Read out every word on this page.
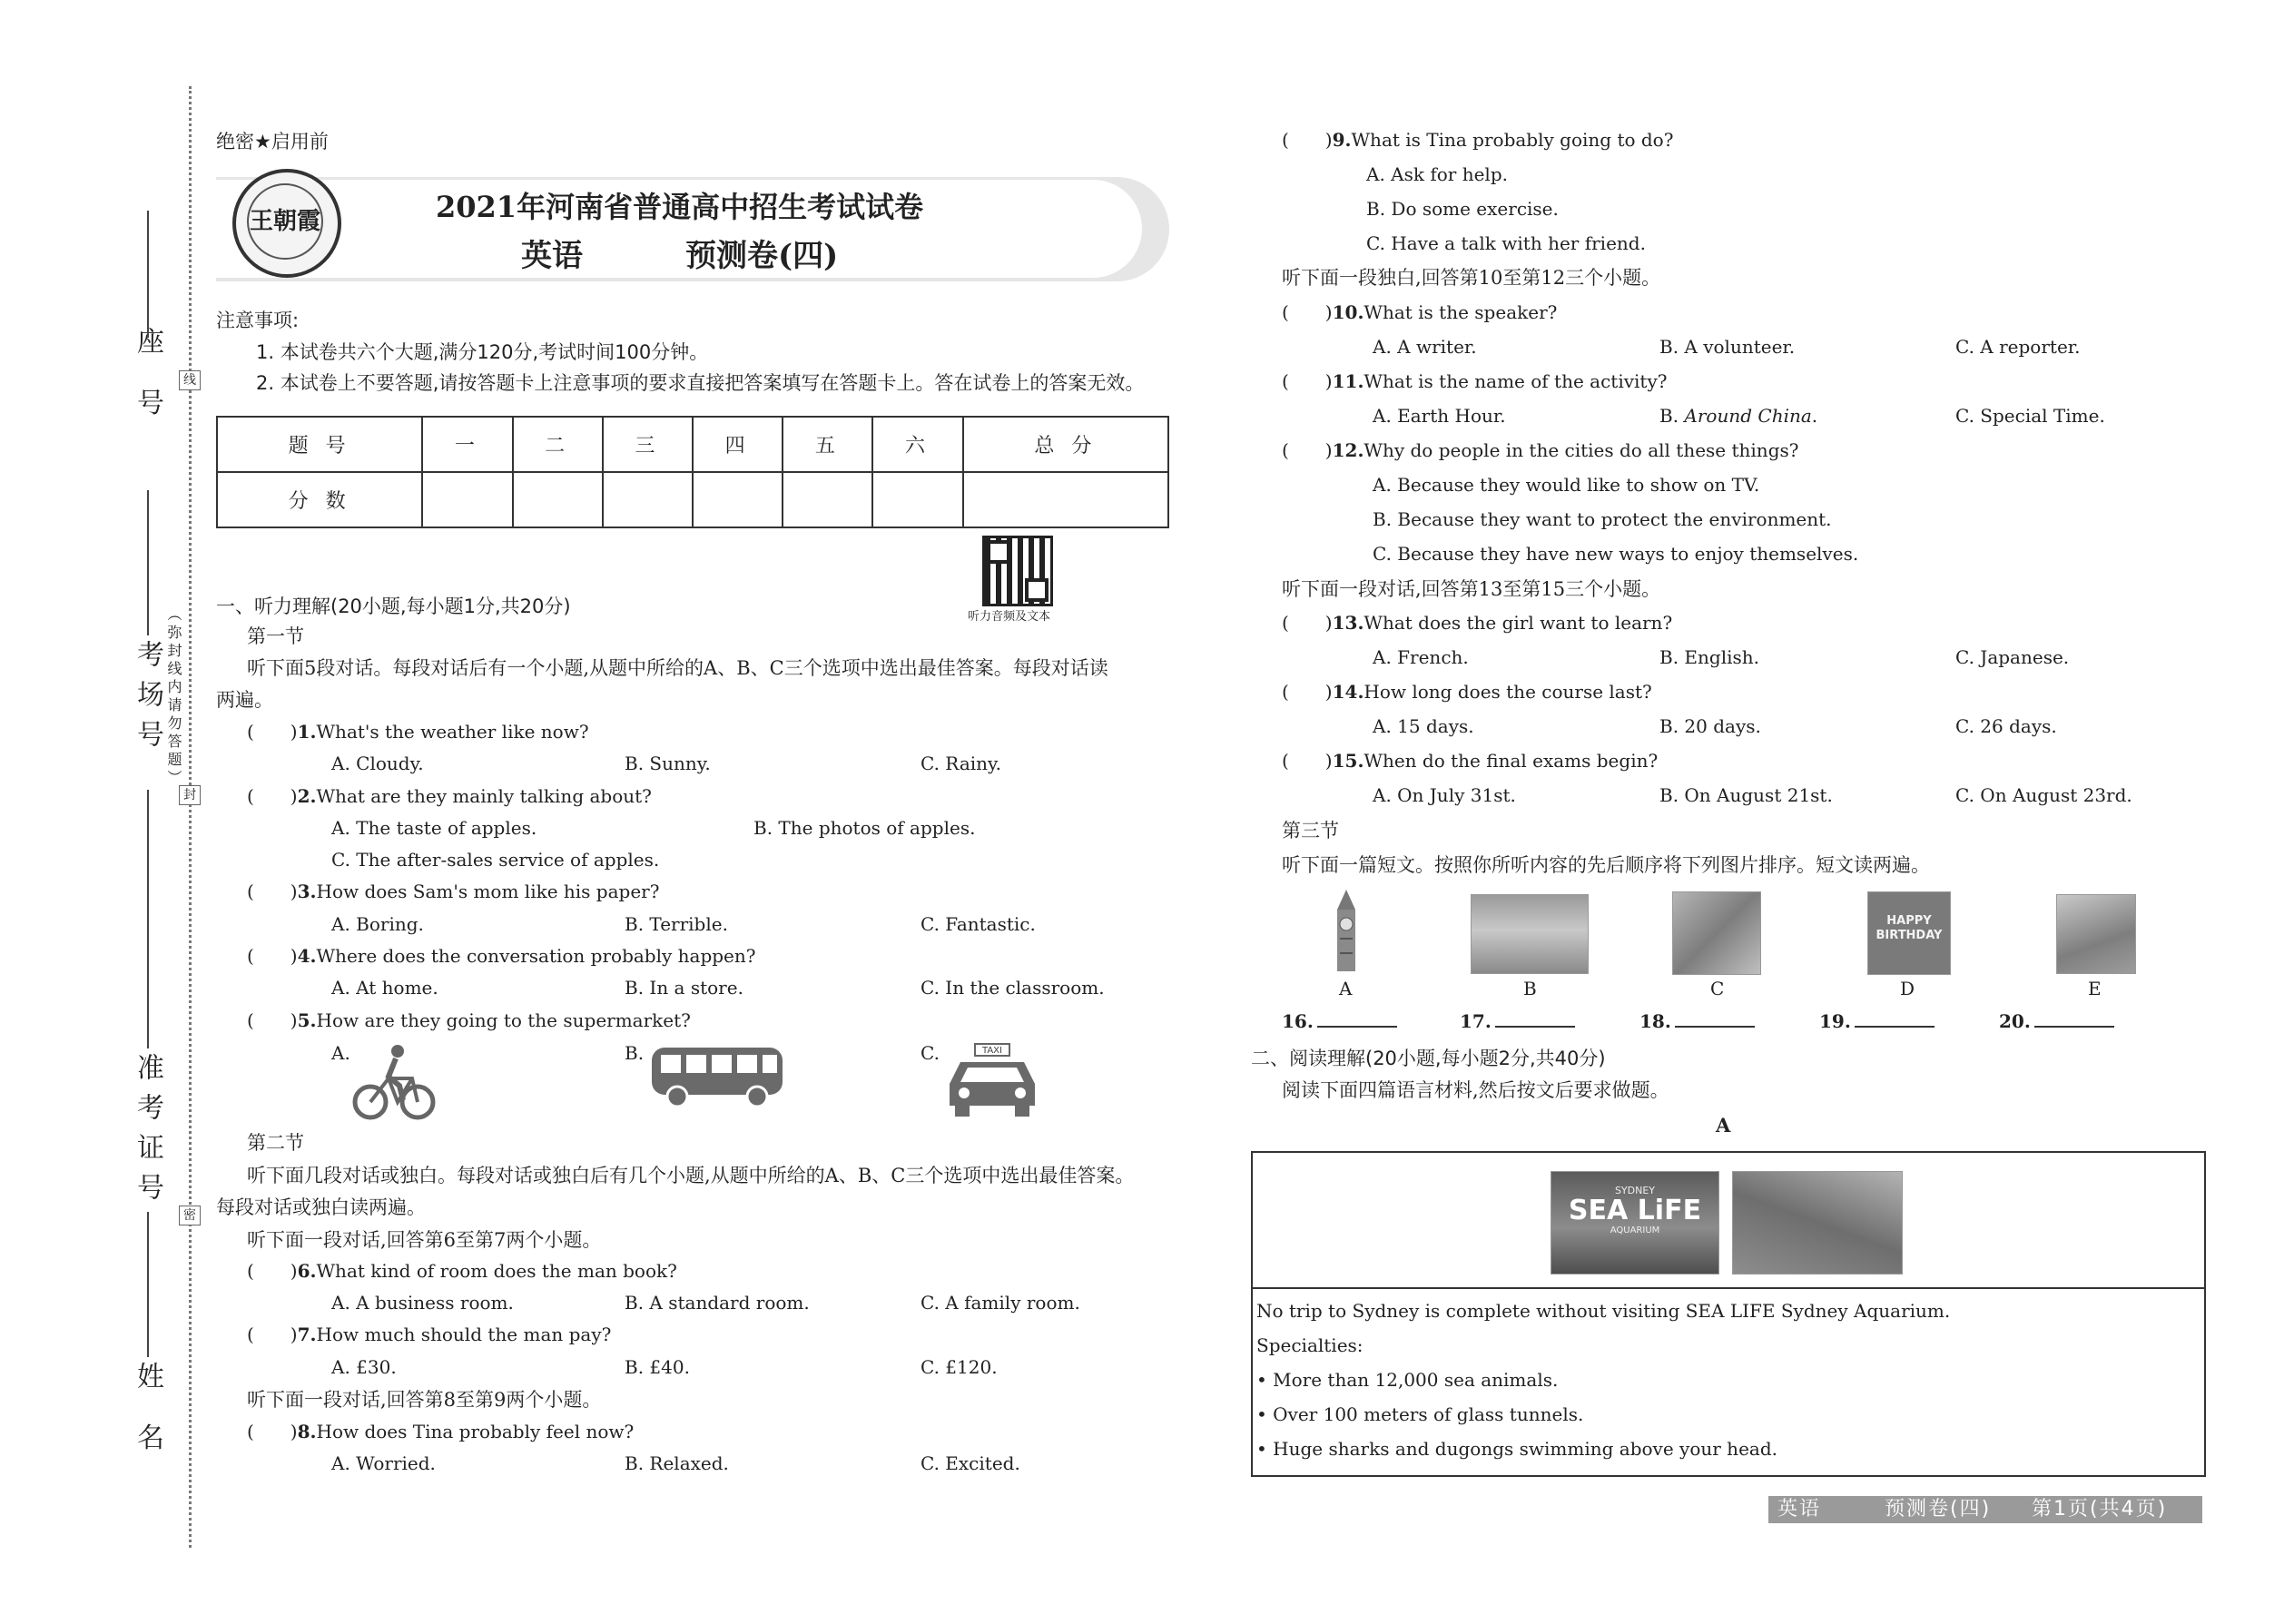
座 号
考场号
准考证号
姓 名
线
封
密
（弥封线内请勿答题）
绝密★启用前
王朝霞	2021年河南省普通高中招生考试试卷
英语	预测卷(四)
注意事项:
1. 本试卷共六个大题,满分120分,考试时间100分钟。
2. 本试卷上不要答题,请按答题卡上注意事项的要求直接把答案填写在答题卡上。答在试卷上的答案无效。
题 号	一	二	三	四	五	六	总 分
分 数							
听力音频及文本
一、听力理解(20小题,每小题1分,共20分)
第一节
听下面5段对话。每段对话后有一个小题,从题中所给的A、B、C三个选项中选出最佳答案。每段对话读
两遍。
(　　)1.What's the weather like now?
A. Cloudy.	B. Sunny.	C. Rainy.
(　　)2.What are they mainly talking about?
A. The taste of apples.	B. The photos of apples.
C. The after-sales service of apples.
(　　)3.How does Sam's mom like his paper?
A. Boring.	B. Terrible.	C. Fantastic.
(　　)4.Where does the conversation probably happen?
A. At home.	B. In a store.	C. In the classroom.
(　　)5.How are they going to the supermarket?
A.	B.	C.	TAXI
第二节
听下面几段对话或独白。每段对话或独白后有几个小题,从题中所给的A、B、C三个选项中选出最佳答案。
每段对话或独白读两遍。
听下面一段对话,回答第6至第7两个小题。
(　　)6.What kind of room does the man book?
A. A business room.	B. A standard room.	C. A family room.
(　　)7.How much should the man pay?
A. £30.	B. £40.	C. £120.
听下面一段对话,回答第8至第9两个小题。
(　　)8.How does Tina probably feel now?
A. Worried.	B. Relaxed.	C. Excited.
(　　)9.What is Tina probably going to do?
A. Ask for help.
B. Do some exercise.
C. Have a talk with her friend.
听下面一段独白,回答第10至第12三个小题。
(　　)10.What is the speaker?
A. A writer.	B. A volunteer.	C. A reporter.
(　　)11.What is the name of the activity?
A. Earth Hour.	B. Around China.	C. Special Time.
(　　)12.Why do people in the cities do all these things?
A. Because they would like to show on TV.
B. Because they want to protect the environment.
C. Because they have new ways to enjoy themselves.
听下面一段对话,回答第13至第15三个小题。
(　　)13.What does the girl want to learn?
A. French.	B. English.	C. Japanese.
(　　)14.How long does the course last?
A. 15 days.	B. 20 days.	C. 26 days.
(　　)15.When do the final exams begin?
A. On July 31st.	B. On August 21st.	C. On August 23rd.
第三节
听下面一篇短文。按照你所听内容的先后顺序将下列图片排序。短文读两遍。
HAPPY BIRTHDAY
A	B	C	D	E
16.	17.	18.	19.	20.
二、阅读理解(20小题,每小题2分,共40分)
阅读下面四篇语言材料,然后按文后要求做题。
A
SYDNEY
SEA LiFE
AQUARIUM
No trip to Sydney is complete without visiting SEA LIFE Sydney Aquarium.
Specialties:
• More than 12,000 sea animals.
• Over 100 meters of glass tunnels.
• Huge sharks and dugongs swimming above your head.
英语	预测卷(四) 第1页(共4页)
